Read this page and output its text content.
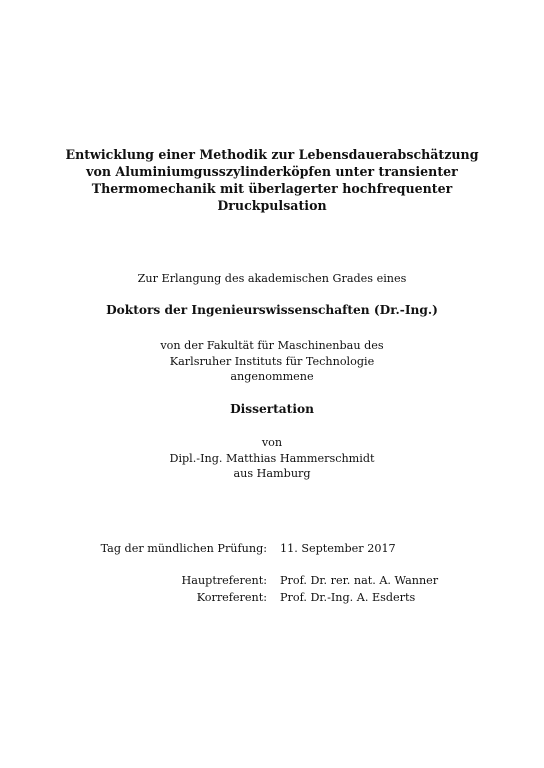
Entwicklung einer Methodik zur Lebensdauerabschätzung
von Aluminiumgusszylinderköpfen unter transienter
Thermomechanik mit überlagerter hochfrequenter
Druckpulsation
Zur Erlangung des akademischen Grades eines
Doktors der Ingenieurswissenschaften (Dr.-Ing.)
von der Fakultät für Maschinenbau des
Karlsruher Instituts für Technologie
angenommene
Dissertation
von
Dipl.-Ing. Matthias Hammerschmidt
aus Hamburg
Tag der mündlichen Prüfung: 11. September 2017
Hauptreferent: Prof. Dr. rer. nat. A. Wanner
Korreferent: Prof. Dr.-Ing. A. Esderts
